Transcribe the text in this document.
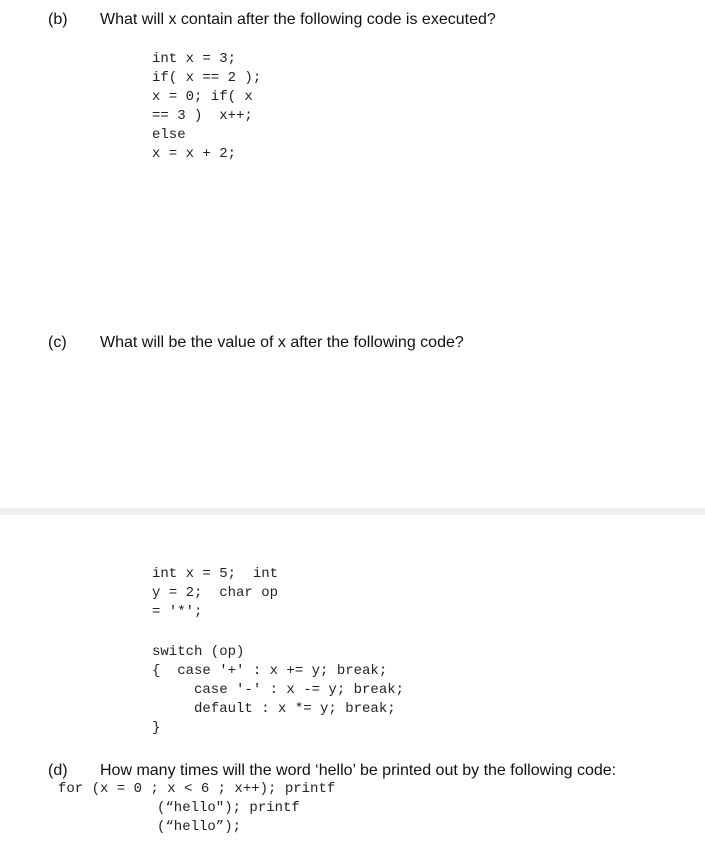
(b) What will x contain after the following code is executed?
int x = 3;
if( x == 2 );
x = 0; if( x
== 3 )  x++;
else
x = x + 2;
(c) What will be the value of x after the following code?
int x = 5;  int
y = 2;  char op
= '*';
switch (op)
{  case '+' : x += y; break;
case '-' : x -= y; break;
default : x *= y; break;
}
(d) How many times will the word ‘hello’ be printed out by the following code:
for (x = 0 ; x < 6 ; x++); printf
(“hello"); printf
(“hello”);
